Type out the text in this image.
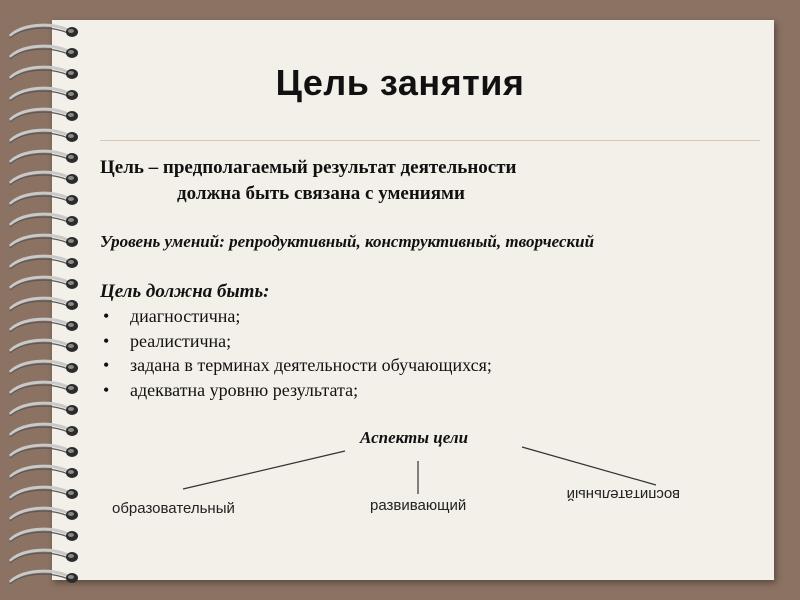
Цель занятия
Цель – предполагаемый результат деятельности
должна быть связана с умениями
Уровень умений: репродуктивный, конструктивный, творческий
Цель должна быть:
• диагностична;
• реалистична;
• задана в терминах деятельности обучающихся;
• адекватна уровню результата;
Аспекты цели
образовательный	развивающий
воспитательный
